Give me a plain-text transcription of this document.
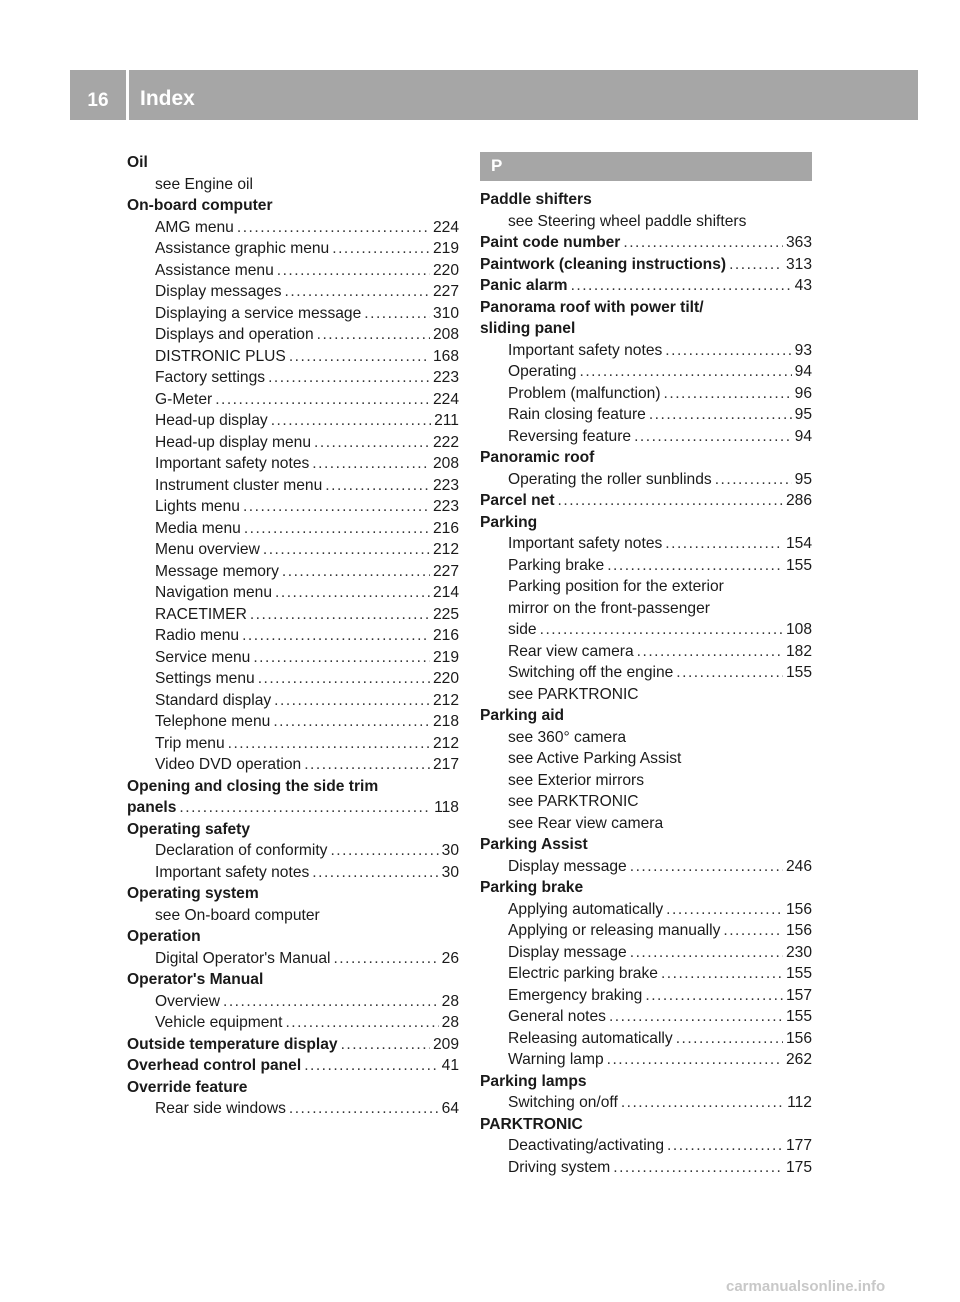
16	Index
Oil
see Engine oil
On-board computer
AMG menu .....	224
Assistance graphic menu .....	219
Assistance menu .....	220
Display messages .....	227
Displaying a service message .....	310
Displays and operation .....	208
DISTRONIC PLUS .....	168
Factory settings .....	223
G-Meter .....	224
Head-up display .....	211
Head-up display menu .....	222
Important safety notes .....	208
Instrument cluster menu .....	223
Lights menu .....	223
Media menu .....	216
Menu overview .....	212
Message memory .....	227
Navigation menu .....	214
RACETIMER .....	225
Radio menu .....	216
Service menu .....	219
Settings menu .....	220
Standard display .....	212
Telephone menu .....	218
Trip menu .....	212
Video DVD operation .....	217
Opening and closing the side trim
panels .....	118
Operating safety
Declaration of conformity .....	30
Important safety notes .....	30
Operating system
see On-board computer
Operation
Digital Operator's Manual .....	26
Operator's Manual
Overview .....	28
Vehicle equipment .....	28
Outside temperature display .....	209
Overhead control panel .....	41
Override feature
Rear side windows .....	64
P
Paddle shifters
see Steering wheel paddle shifters
Paint code number .....	363
Paintwork (cleaning instructions) .....	313
Panic alarm .....	43
Panorama roof with power tilt/
sliding panel
Important safety notes .....	93
Operating .....	94
Problem (malfunction) .....	96
Rain closing feature .....	95
Reversing feature .....	94
Panoramic roof
Operating the roller sunblinds .....	95
Parcel net .....	286
Parking
Important safety notes .....	154
Parking brake .....	155
Parking position for the exterior
mirror on the front-passenger
side .....	108
Rear view camera .....	182
Switching off the engine .....	155
see PARKTRONIC
Parking aid
see 360° camera
see Active Parking Assist
see Exterior mirrors
see PARKTRONIC
see Rear view camera
Parking Assist
Display message .....	246
Parking brake
Applying automatically .....	156
Applying or releasing manually .....	156
Display message .....	230
Electric parking brake .....	155
Emergency braking .....	157
General notes .....	155
Releasing automatically .....	156
Warning lamp .....	262
Parking lamps
Switching on/off .....	112
PARKTRONIC
Deactivating/activating .....	177
Driving system .....	175
carmanualsonline.info
